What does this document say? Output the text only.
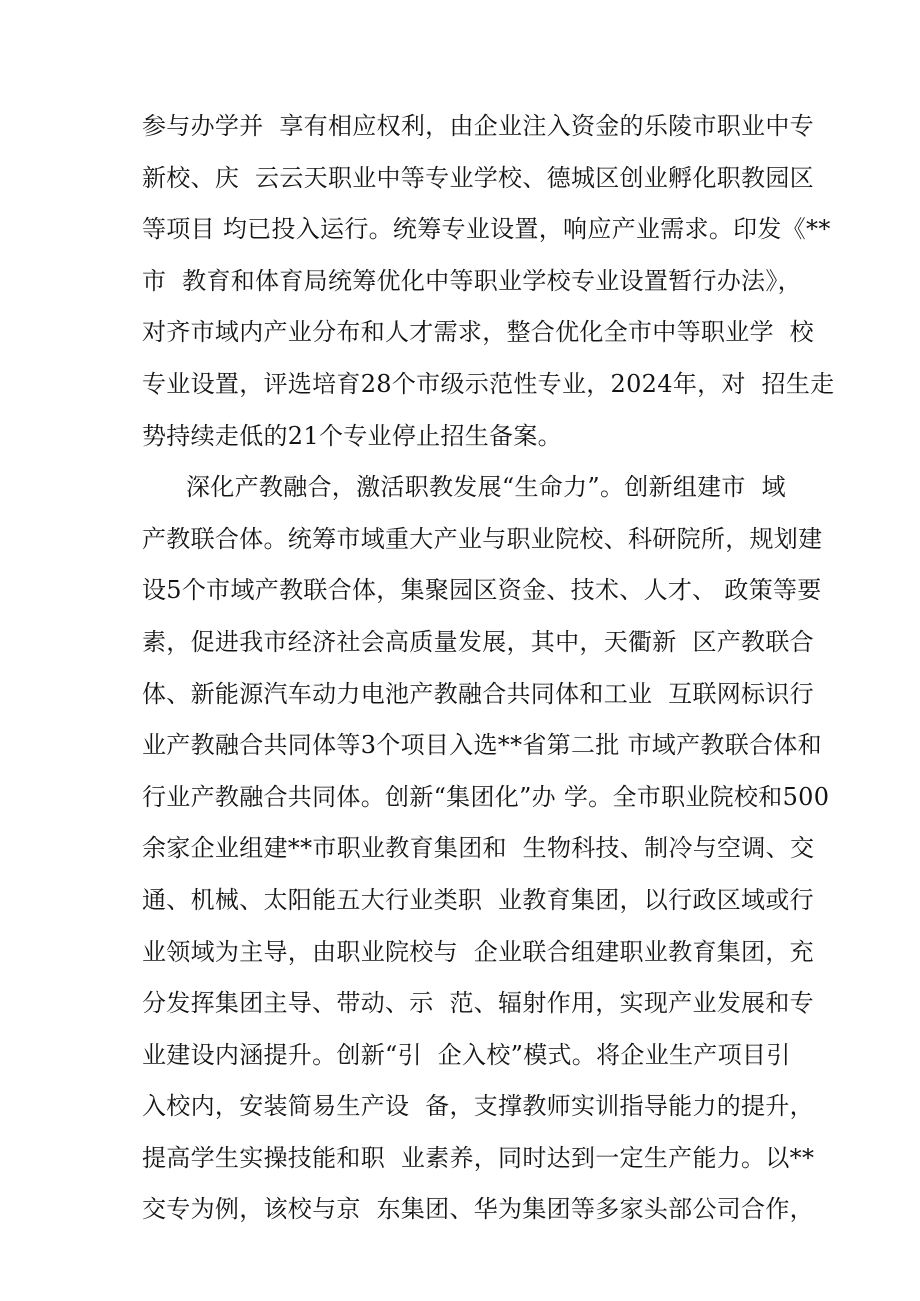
参与办学并  享有相应权利，由企业注入资金的乐陵市职业中专
新校、庆  云云天职业中等专业学校、德城区创业孵化职教园区
等项目 均已投入运行。统筹专业设置，响应产业需求。印发《**
市  教育和体育局统筹优化中等职业学校专业设置暂行办法》，
对齐市域内产业分布和人才需求，整合优化全市中等职业学  校
专业设置，评选培育28个市级示范性专业，2024年，对  招生走
势持续走低的21个专业停止招生备案。
深化产教融合，激活职教发展“生命力”。创新组建市  域
产教联合体。统筹市域重大产业与职业院校、科研院所，规划建
设5个市域产教联合体，集聚园区资金、技术、人才、 政策等要
素，促进我市经济社会高质量发展，其中，天衢新  区产教联合
体、新能源汽车动力电池产教融合共同体和工业  互联网标识行
业产教融合共同体等3个项目入选**省第二批 市域产教联合体和
行业产教融合共同体。创新“集团化”办 学。全市职业院校和500
余家企业组建**市职业教育集团和  生物科技、制冷与空调、交
通、机械、太阳能五大行业类职  业教育集团，以行政区域或行
业领域为主导，由职业院校与  企业联合组建职业教育集团，充
分发挥集团主导、带动、示  范、辐射作用，实现产业发展和专
业建设内涵提升。创新“引  企入校”模式。将企业生产项目引
入校内，安装简易生产设  备，支撑教师实训指导能力的提升，
提高学生实操技能和职  业素养，同时达到一定生产能力。以**
交专为例，该校与京  东集团、华为集团等多家头部公司合作，
